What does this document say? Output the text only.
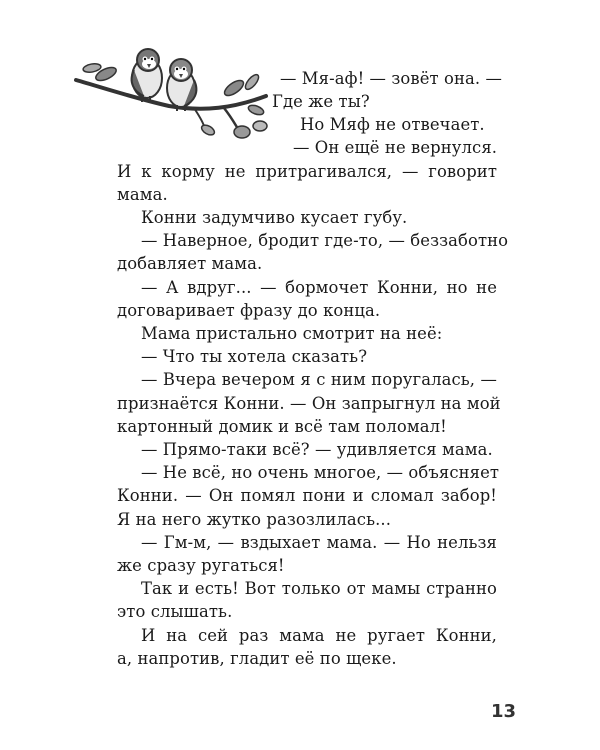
— Мя-аф! — зовёт она. —
Где же ты?
Но Мяф не отвечает.
— Он ещё не вернулся.
И к корму не притрагивался, — говорит
мама.
Конни задумчиво кусает губу.
— Наверное, бродит где-то, — беззаботно
добавляет мама.
— А вдруг... — бормочет Конни, но не
договаривает фразу до конца.
Мама пристально смотрит на неё:
— Что ты хотела сказать?
— Вчера вечером я с ним поругалась, —
признаётся Конни. — Он запрыгнул на мой
картонный домик и всё там поломал!
— Прямо-таки всё? — удивляется мама.
— Не всё, но очень многое, — объясняет
Конни. — Он помял пони и сломал забор!
Я на него жутко разозлилась...
— Гм-м, — вздыхает мама. — Но нельзя
же сразу ругаться!
Так и есть! Вот только от мамы странно
это слышать.
И на сей раз мама не ругает Конни,
а, напротив, гладит её по щеке.
13
